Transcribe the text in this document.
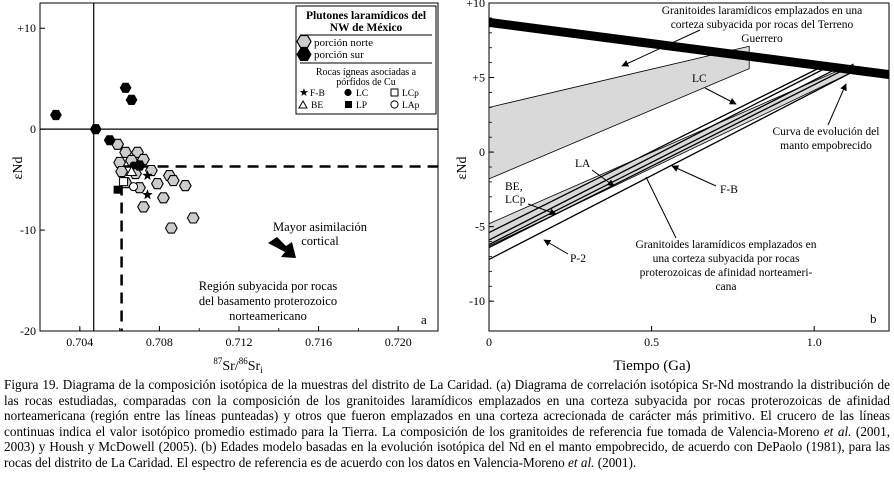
0.704	0.708	0.712	0.716	0.720
+10
0
-10
-20
Plutones laramídicos del
NW de México
porción norte
porción sur
Rocas ígneas asociadas a
pórfidos de Cu
★ F-B	LC	LCp
BE	LP	LAp
Mayor asimilación
cortical
Región subyacida por rocas
del basamento proterozoico
norteamericano	a
εNd
$^{87}Sr/^{86}Sr_i$
0	0.5	1.0
+10
+5
0
-5
-10
Granitoides laramídicos emplazados en una
corteza subyacida por rocas del Terreno
Guerrero
Curva de evolución del
manto empobrecido
Granitoides laramídicos emplazados en
una corteza subyacida por rocas
proterozoicas de afinidad norteameri-
cana
LC
LA
BE,
LCp
F-B
P-2
b
εNd
Tiempo (Ga)
Figura 19. Diagrama de la composición isotópica de la muestras del distrito de La Caridad. (a) Diagrama de correlación isotópica Sr-Nd mostrando la distribución de las rocas estudiadas, comparadas con la composición de los granitoides laramídicos emplazados en una corteza subyacida por rocas proterozoicas de afinidad norteamericana (región entre las líneas punteadas) y otros que fueron emplazados en una corteza acrecionada de carácter más primitivo. El crucero de las líneas continuas indica el valor isotópico promedio estimado para la Tierra. La composición de los granitoides de referencia fue tomada de Valencia-Moreno et al. (2001, 2003) y Housh y McDowell (2005). (b) Edades modelo basadas en la evolución isotópica del Nd en el manto empobrecido, de acuerdo con DePaolo (1981), para las rocas del distrito de La Caridad. El espectro de referencia es de acuerdo con los datos en Valencia-Moreno et al. (2001).
